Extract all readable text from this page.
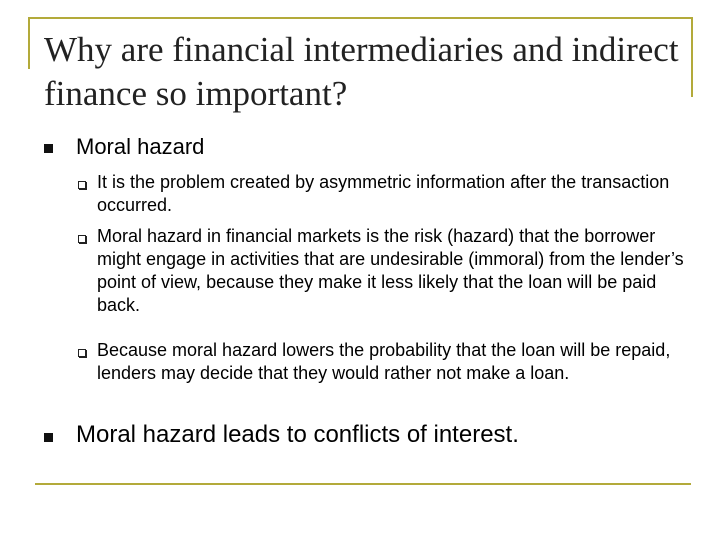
Why are financial intermediaries and indirect finance so important?
Moral hazard
It is the problem created by asymmetric information after the transaction occurred.
Moral hazard in financial markets is the risk (hazard) that the borrower might engage in activities that are undesirable (immoral) from the lender’s point of view, because they make it less likely that the loan will be paid back.
Because moral hazard lowers the probability that the loan will be repaid, lenders may decide that they would rather not make a loan.
Moral hazard leads to conflicts of interest.
